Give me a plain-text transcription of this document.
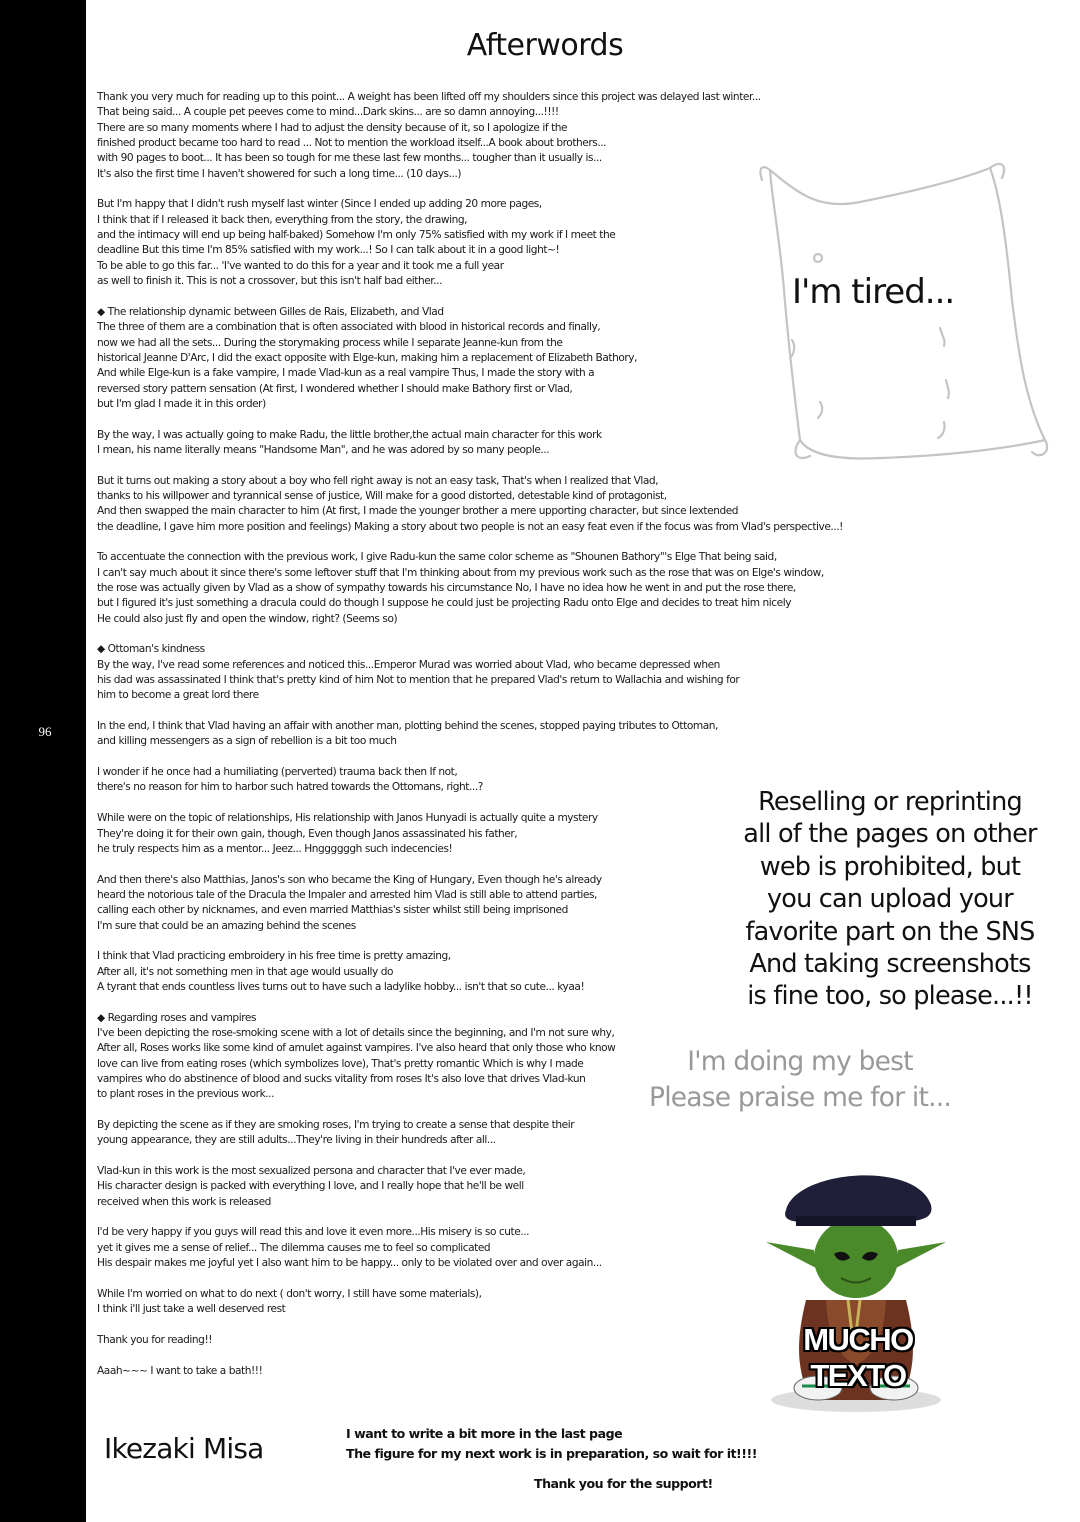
96
Afterwords
Thank you very much for reading up to this point... A weight has been lifted off my shoulders since this project was delayed last winter...
That being said... A couple pet peeves come to mind...Dark skins... are so damn annoying...!!!!
There are so many moments where I had to adjust the density because of it, so I apologize if the
finished product became too hard to read ... Not to mention the workload itself...A book about brothers...
with 90 pages to boot... It has been so tough for me these last few months... tougher than it usually is...
It's also the first time I haven't showered for such a long time... (10 days...)
But I'm happy that I didn't rush myself last winter (Since I ended up adding 20 more pages,
I think that if I released it back then, everything from the story, the drawing,
and the intimacy will end up being half-baked) Somehow I'm only 75% satisfied with my work if I meet the
deadline But this time I'm 85% satisfied with my work...! So I can talk about it in a good light~!
To be able to go this far... 'I've wanted to do this for a year and it took me a full year
as well to finish it. This is not a crossover, but this isn't half bad either...
◆ The relationship dynamic between Gilles de Rais, Elizabeth, and Vlad
The three of them are a combination that is often associated with blood in historical records and finally,
now we had all the sets... During the storymaking process while I separate Jeanne-kun from the
historical Jeanne D'Arc, I did the exact opposite with Elge-kun, making him a replacement of Elizabeth Bathory,
And while Elge-kun is a fake vampire, I made Vlad-kun as a real vampire Thus, I made the story with a
reversed story pattern sensation (At first, I wondered whether I should make Bathory first or Vlad,
but I'm glad I made it in this order)
By the way, I was actually going to make Radu, the little brother,the actual main character for this work
I mean, his name literally means "Handsome Man", and he was adored by so many people...
But it turns out making a story about a boy who fell right away is not an easy task, That's when I realized that Vlad,
thanks to his willpower and tyrannical sense of justice, Will make for a good distorted, detestable kind of protagonist,
And then swapped the main character to him (At first, I made the younger brother a mere upporting character, but since Iextended
the deadline, I gave him more position and feelings) Making a story about two people is not an easy feat even if the focus was from Vlad's perspective...!
To accentuate the connection with the previous work, I give Radu-kun the same color scheme as "Shounen Bathory"'s Elge That being said,
I can't say much about it since there's some leftover stuff that I'm thinking about from my previous work such as the rose that was on Elge's window,
the rose was actually given by Vlad as a show of sympathy towards his circumstance No, I have no idea how he went in and put the rose there,
but I figured it's just something a dracula could do though I suppose he could just be projecting Radu onto Elge and decides to treat him nicely
He could also just fly and open the window, right? (Seems so)
◆ Ottoman's kindness
By the way, I've read some references and noticed this...Emperor Murad was worried about Vlad, who became depressed when
his dad was assassinated I think that's pretty kind of him Not to mention that he prepared Vlad's return to Wallachia and wishing for
him to become a great lord there
In the end, I think that Vlad having an affair with another man, plotting behind the scenes, stopped paying tributes to Ottoman,
and killing messengers as a sign of rebellion is a bit too much
I wonder if he once had a humiliating (perverted) trauma back then If not,
there's no reason for him to harbor such hatred towards the Ottomans, right...?
While were on the topic of relationships, His relationship with Janos Hunyadi is actually quite a mystery
They're doing it for their own gain, though, Even though Janos assassinated his father,
he truly respects him as a mentor... Jeez... Hnggggggh such indecencies!
And then there's also Matthias, Janos's son who became the King of Hungary, Even though he's already
heard the notorious tale of the Dracula the Impaler and arrested him Vlad is still able to attend parties,
calling each other by nicknames, and even married Matthias's sister whilst still being imprisoned
I'm sure that could be an amazing behind the scenes
I think that Vlad practicing embroidery in his free time is pretty amazing,
After all, it's not something men in that age would usually do
A tyrant that ends countless lives turns out to have such a ladylike hobby... isn't that so cute... kyaa!
◆ Regarding roses and vampires
I've been depicting the rose-smoking scene with a lot of details since the beginning, and I'm not sure why,
After all, Roses works like some kind of amulet against vampires. I've also heard that only those who know
love can live from eating roses (which symbolizes love), That's pretty romantic Which is why I made
vampires who do abstinence of blood and sucks vitality from roses It's also love that drives Vlad-kun
to plant roses in the previous work...
By depicting the scene as if they are smoking roses, I'm trying to create a sense that despite their
young appearance, they are still adults...They're living in their hundreds after all...
Vlad-kun in this work is the most sexualized persona and character that I've ever made,
His character design is packed with everything I love, and I really hope that he'll be well
received when this work is released
I'd be very happy if you guys will read this and love it even more...His misery is so cute...
yet it gives me a sense of relief... The dilemma causes me to feel so complicated
His despair makes me joyful yet I also want him to be happy... only to be violated over and over again...
While I'm worried on what to do next ( don't worry, I still have some materials),
I think i'll just take a well deserved rest
Thank you for reading!!
Aaah~~~ I want to take a bath!!!
I'm tired...
Reselling or reprinting
all of the pages on other
web is prohibited, but
you can upload your
favorite part on the SNS
And taking screenshots
is fine too, so please...!!
I'm doing my best
Please praise me for it...
MUCHO TEXTO
Ikezaki Misa	I want to write a bit more in the last page
The figure for my next work is in preparation, so wait for it!!!!
Thank you for the support!
